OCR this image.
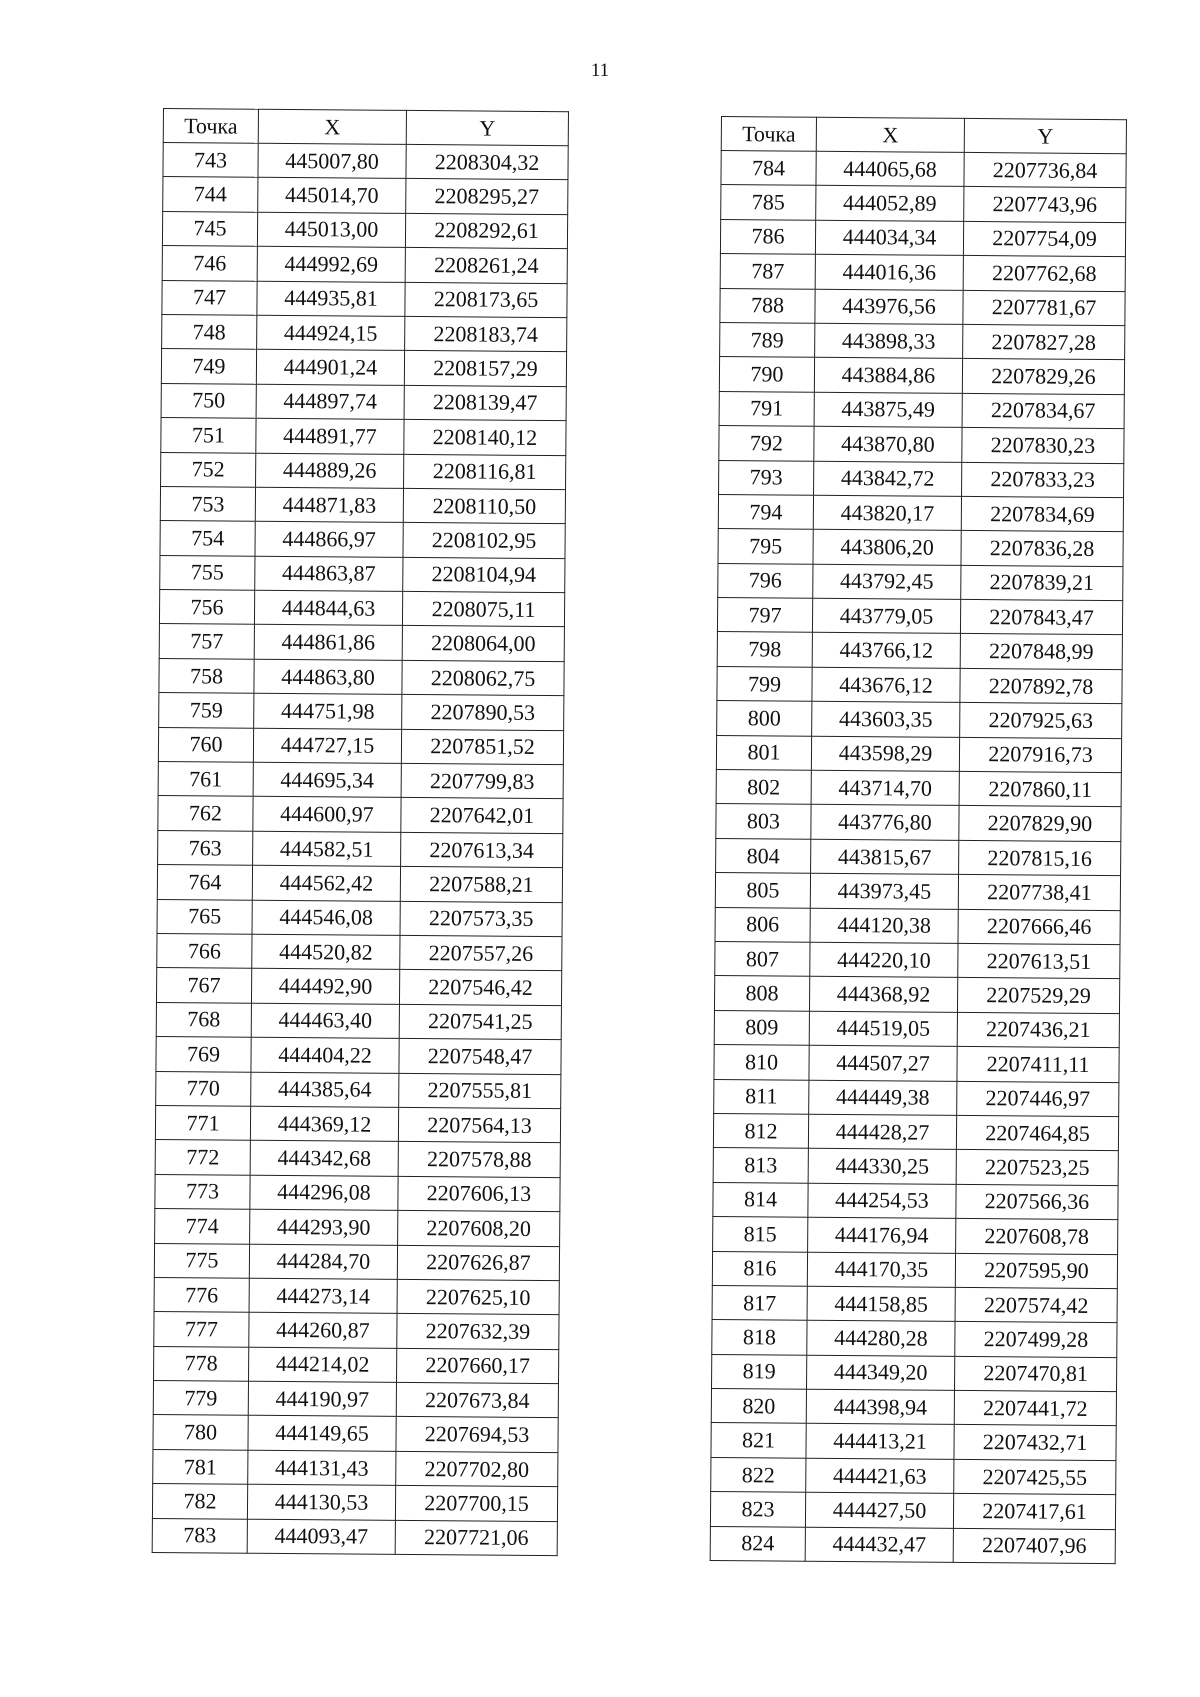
11
Точка	X	Y
743	445007,80	2208304,32
744	445014,70	2208295,27
745	445013,00	2208292,61
746	444992,69	2208261,24
747	444935,81	2208173,65
748	444924,15	2208183,74
749	444901,24	2208157,29
750	444897,74	2208139,47
751	444891,77	2208140,12
752	444889,26	2208116,81
753	444871,83	2208110,50
754	444866,97	2208102,95
755	444863,87	2208104,94
756	444844,63	2208075,11
757	444861,86	2208064,00
758	444863,80	2208062,75
759	444751,98	2207890,53
760	444727,15	2207851,52
761	444695,34	2207799,83
762	444600,97	2207642,01
763	444582,51	2207613,34
764	444562,42	2207588,21
765	444546,08	2207573,35
766	444520,82	2207557,26
767	444492,90	2207546,42
768	444463,40	2207541,25
769	444404,22	2207548,47
770	444385,64	2207555,81
771	444369,12	2207564,13
772	444342,68	2207578,88
773	444296,08	2207606,13
774	444293,90	2207608,20
775	444284,70	2207626,87
776	444273,14	2207625,10
777	444260,87	2207632,39
778	444214,02	2207660,17
779	444190,97	2207673,84
780	444149,65	2207694,53
781	444131,43	2207702,80
782	444130,53	2207700,15
783	444093,47	2207721,06
Точка	X	Y
784	444065,68	2207736,84
785	444052,89	2207743,96
786	444034,34	2207754,09
787	444016,36	2207762,68
788	443976,56	2207781,67
789	443898,33	2207827,28
790	443884,86	2207829,26
791	443875,49	2207834,67
792	443870,80	2207830,23
793	443842,72	2207833,23
794	443820,17	2207834,69
795	443806,20	2207836,28
796	443792,45	2207839,21
797	443779,05	2207843,47
798	443766,12	2207848,99
799	443676,12	2207892,78
800	443603,35	2207925,63
801	443598,29	2207916,73
802	443714,70	2207860,11
803	443776,80	2207829,90
804	443815,67	2207815,16
805	443973,45	2207738,41
806	444120,38	2207666,46
807	444220,10	2207613,51
808	444368,92	2207529,29
809	444519,05	2207436,21
810	444507,27	2207411,11
811	444449,38	2207446,97
812	444428,27	2207464,85
813	444330,25	2207523,25
814	444254,53	2207566,36
815	444176,94	2207608,78
816	444170,35	2207595,90
817	444158,85	2207574,42
818	444280,28	2207499,28
819	444349,20	2207470,81
820	444398,94	2207441,72
821	444413,21	2207432,71
822	444421,63	2207425,55
823	444427,50	2207417,61
824	444432,47	2207407,96
